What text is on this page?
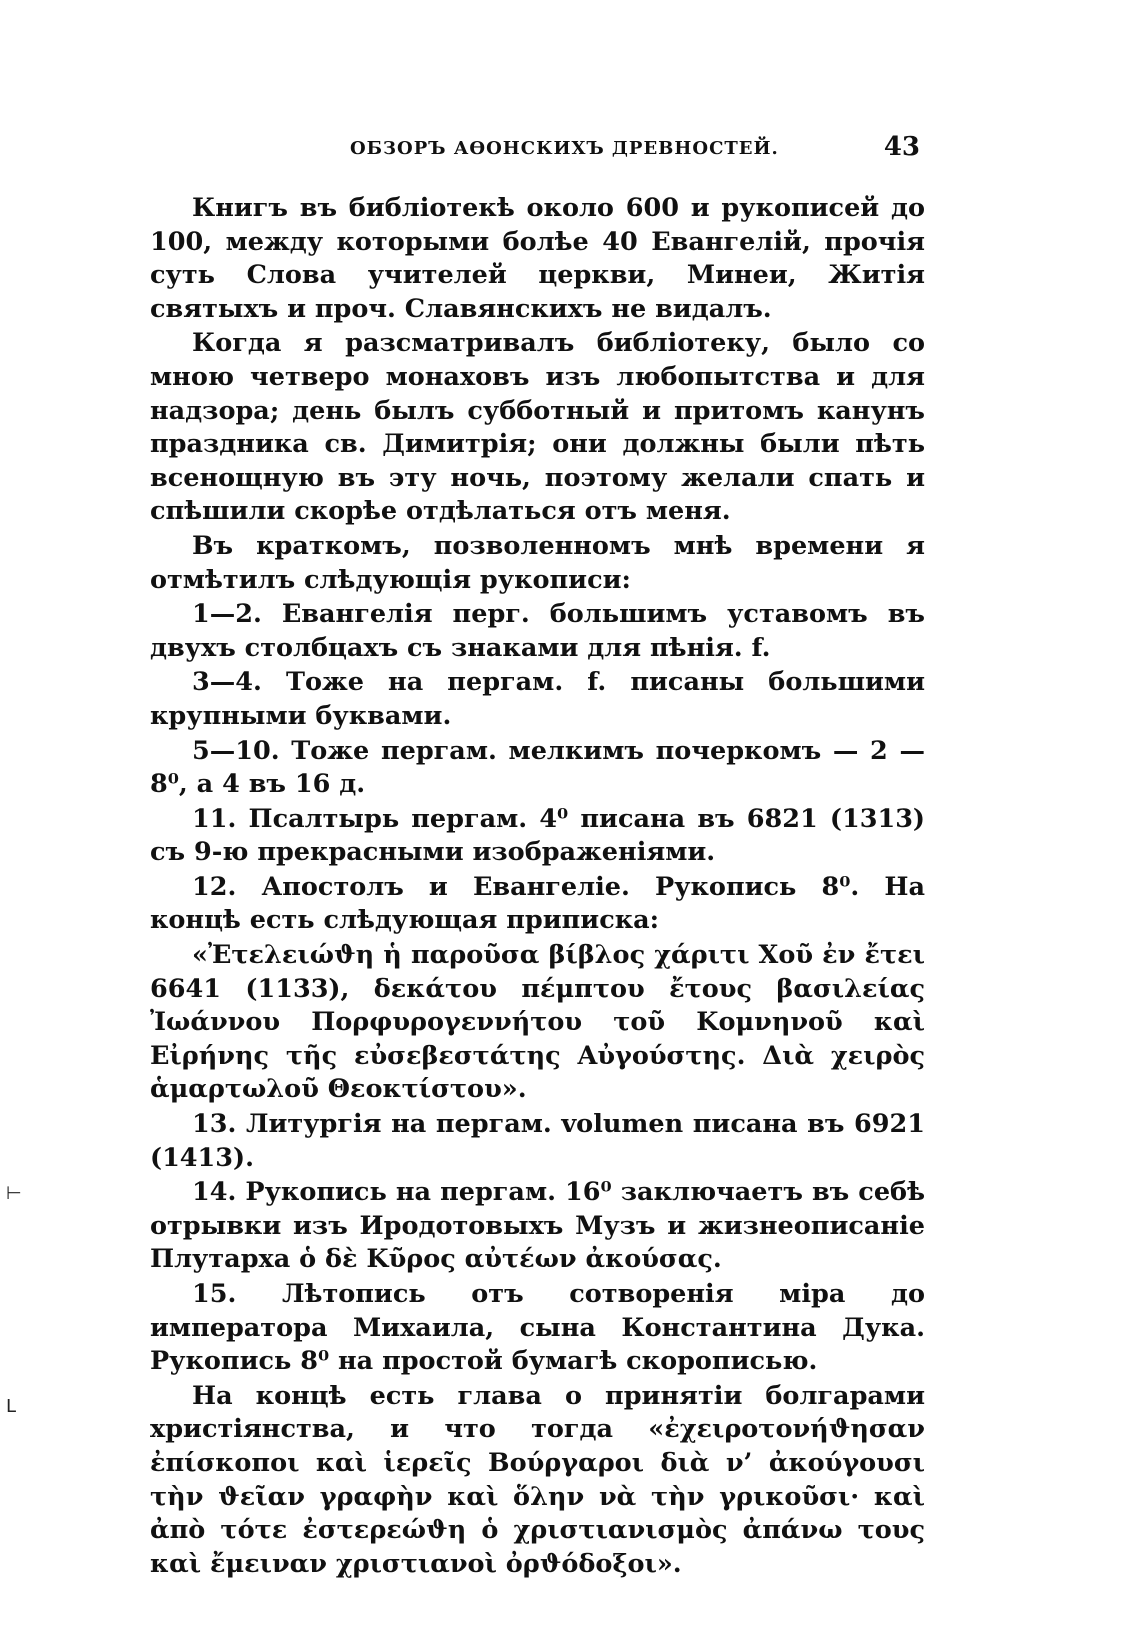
ОБЗОРЪ АѲОНСКИХЪ ДРЕВНОСТЕЙ.	43

Книгъ въ библіотекѣ около 600 и рукописей до 100, между которыми болѣе 40 Евангелій, прочія суть Слова учителей церкви, Минеи, Житія святыхъ и проч. Славянскихъ не видалъ.

Когда я разсматривалъ библіотеку, было со мною четверо монаховъ изъ любопытства и для надзора; день былъ субботный и притомъ канунъ праздника св. Димитрія; они должны были пѣть всенощную въ эту ночь, поэтому желали спать и спѣшили скорѣе отдѣлаться отъ меня.

Въ краткомъ, позволенномъ мнѣ времени я отмѣтилъ слѣдующія рукописи:

1—2. Евангелія перг. большимъ уставомъ въ двухъ столбцахъ съ знаками для пѣнія. f.

3—4. Тоже на пергам. f. писаны большими крупными буквами.

5—10. Тоже пергам. мелкимъ почеркомъ — 2 — 8⁰, а 4 въ 16 д.

11. Псалтырь пергам. 4⁰ писана въ 6821 (1313) съ 9-ю прекрасными изображеніями.

12. Апостолъ и Евангеліе. Рукопись 8⁰. На концѣ есть слѣдующая приписка:

«Ἐτελειώϑη ἡ παροῦσα βίβλος χάριτι Χοῦ ἐν ἔτει 6641 (1133), δεκάτου πέμπτου ἔτους βασιλείας Ἰωάννου Πορφυρογεννήτου τοῦ Κομνηνοῦ καὶ Εἰρήνης τῆς εὐσεβεστάτης Αὐγούστης. Διὰ χειρὸς ἁμαρτωλοῦ Θεοκτίστου».

13. Литургія на пергам. volumen писана въ 6921 (1413).

14. Рукопись на пергам. 16⁰ заключаетъ въ себѣ отрывки изъ Иродотовыхъ Музъ и жизнеописаніе Плутарха ὁ δὲ Κῦρος αὐτέων ἀκούσας.

15. Лѣтопись отъ сотворенія міра до императора Михаила, сына Константина Дука. Рукопись 8⁰ на простой бумагѣ скорописью.

На концѣ есть глава о принятіи болгарами христіянства, и что тогда «ἐχειροτονήϑησαν ἐπίσκοποι καὶ ἱερεῖς Βούργαροι διὰ ν’ ἀκούγουσι τὴν ϑεῖαν γραφὴν καὶ ὅλην νὰ τὴν γρικοῦσι· καὶ ἀπὸ τότε ἐστερεώϑη ὁ χριστιανισμὸς ἀπάνω τους καὶ ἔμειναν χριστιανοὶ ὀρϑόδοξοι».

⊢
L
